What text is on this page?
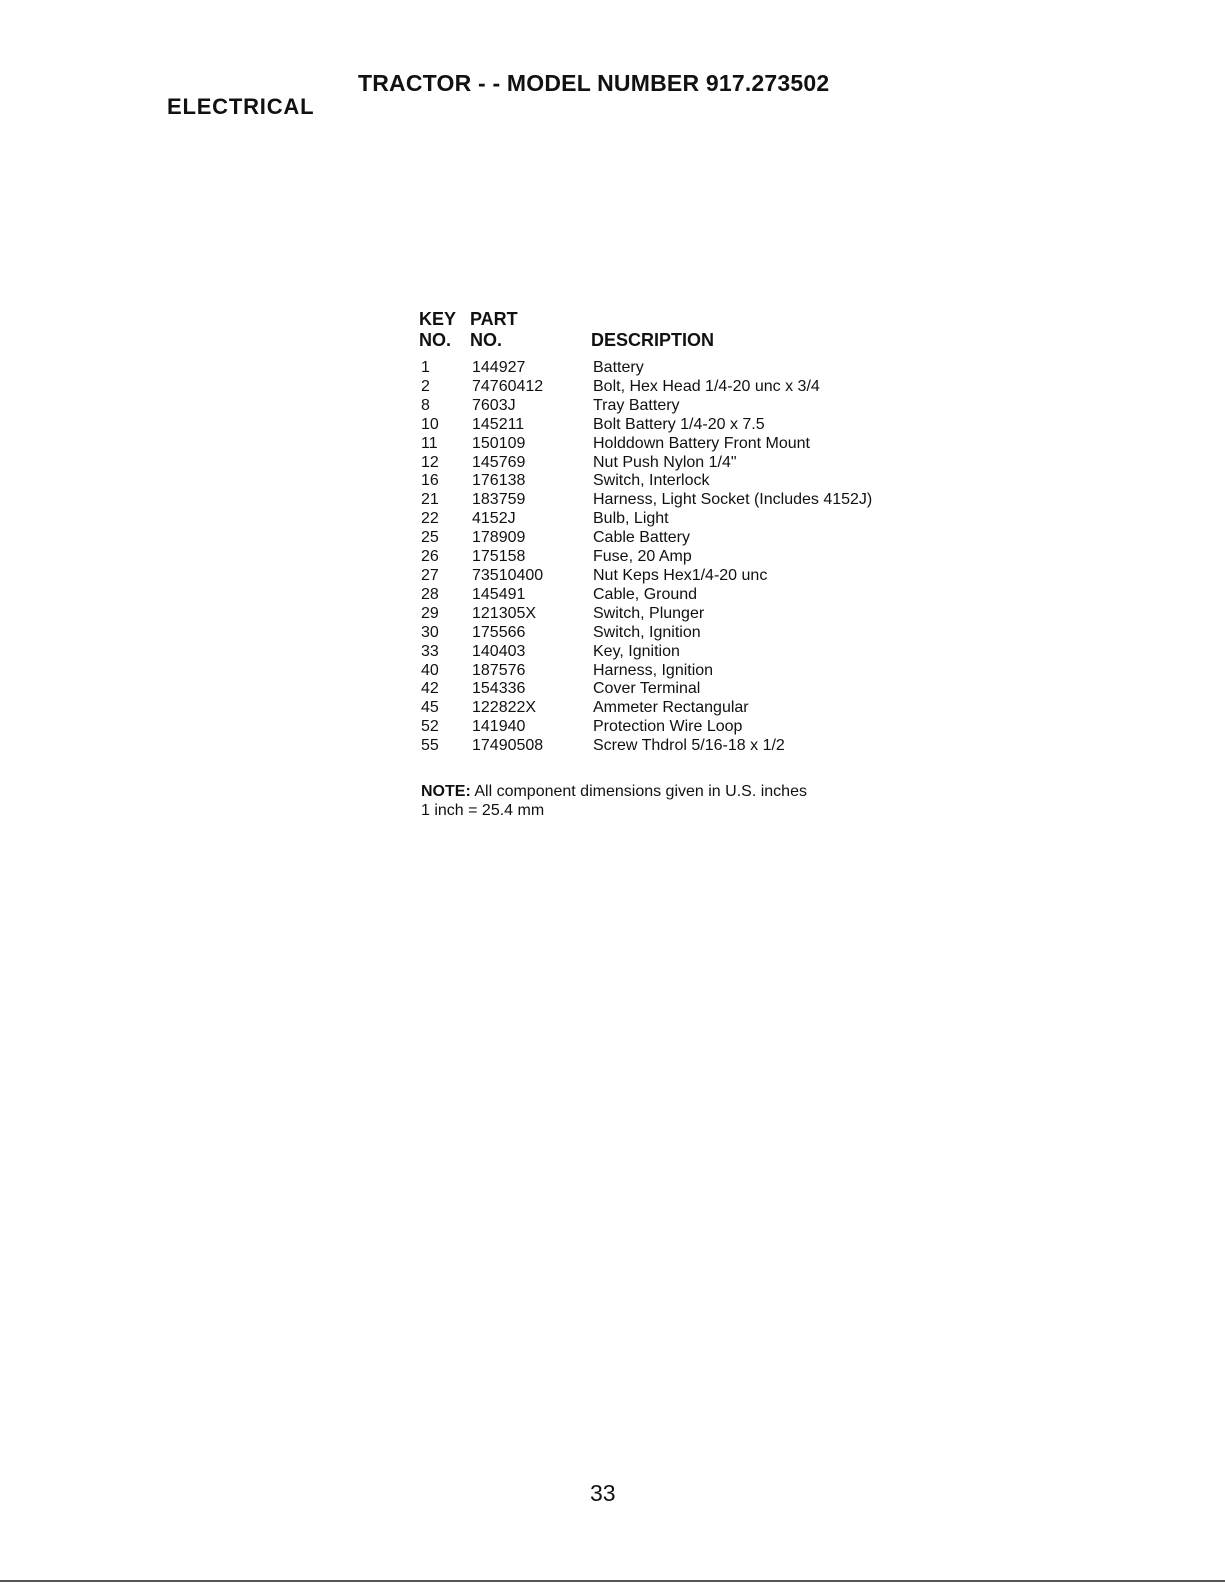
TRACTOR - - MODEL NUMBER 917.273502
ELECTRICAL
KEY
NO.
PART
NO.	DESCRIPTION
1	144927	Battery
2	74760412	Bolt, Hex Head 1/4-20 unc x 3/4
8	7603J	Tray Battery
10	145211	Bolt Battery 1/4-20 x 7.5
11	150109	Holddown Battery Front Mount
12	145769	Nut Push Nylon 1/4"
16	176138	Switch, Interlock
21	183759	Harness, Light Socket (Includes 4152J)
22	4152J	Bulb, Light
25	178909	Cable Battery
26	175158	Fuse, 20 Amp
27	73510400	Nut Keps Hex1/4-20 unc
28	145491	Cable, Ground
29	121305X	Switch, Plunger
30	175566	Switch, Ignition
33	140403	Key, Ignition
40	187576	Harness, Ignition
42	154336	Cover Terminal
45	122822X	Ammeter Rectangular
52	141940	Protection Wire Loop
55	17490508	Screw Thdrol 5/16-18 x 1/2
NOTE: All component dimensions given in U.S. inches
1 inch = 25.4 mm
33
